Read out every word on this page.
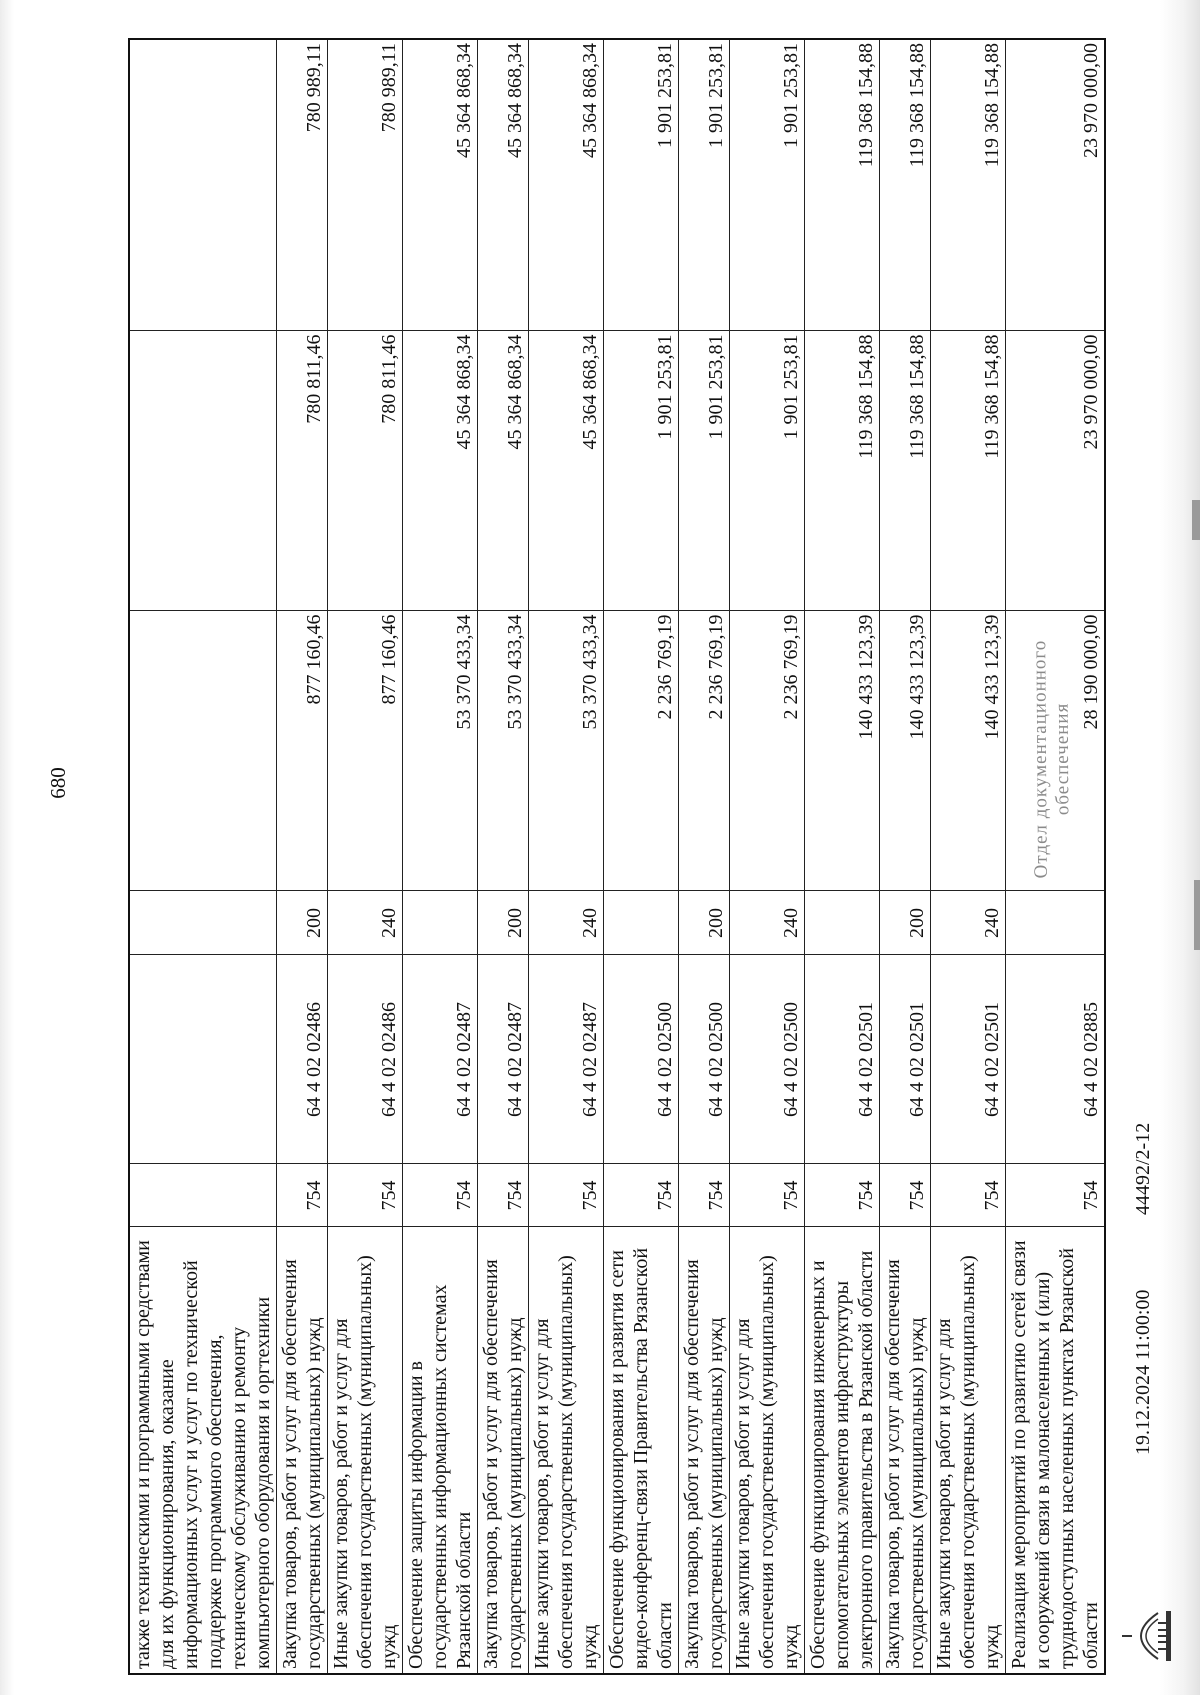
680
также техническими и программными средствами для их функционирования, оказание информационных услуг и услуг по технической поддержке программного обеспечения, техническому обслуживанию и ремонту компьютерного оборудования и оргтехники						
Закупка товаров, работ и услуг для обеспечения государственных (муниципальных) нужд	754	64 4 02 02486	200	877 160,46	780 811,46	780 989,11
Иные закупки товаров, работ и услуг для обеспечения государственных (муниципальных) нужд	754	64 4 02 02486	240	877 160,46	780 811,46	780 989,11
Обеспечение защиты информации в государственных информационных системах Рязанской области	754	64 4 02 02487		53 370 433,34	45 364 868,34	45 364 868,34
Закупка товаров, работ и услуг для обеспечения государственных (муниципальных) нужд	754	64 4 02 02487	200	53 370 433,34	45 364 868,34	45 364 868,34
Иные закупки товаров, работ и услуг для обеспечения государственных (муниципальных) нужд	754	64 4 02 02487	240	53 370 433,34	45 364 868,34	45 364 868,34
Обеспечение функционирования и развития сети видео-конференц-связи Правительства Рязанской области	754	64 4 02 02500		2 236 769,19	1 901 253,81	1 901 253,81
Закупка товаров, работ и услуг для обеспечения государственных (муниципальных) нужд	754	64 4 02 02500	200	2 236 769,19	1 901 253,81	1 901 253,81
Иные закупки товаров, работ и услуг для обеспечения государственных (муниципальных) нужд	754	64 4 02 02500	240	2 236 769,19	1 901 253,81	1 901 253,81
Обеспечение функционирования инженерных и вспомогательных элементов инфраструктуры электронного правительства в Рязанской области	754	64 4 02 02501		140 433 123,39	119 368 154,88	119 368 154,88
Закупка товаров, работ и услуг для обеспечения государственных (муниципальных) нужд	754	64 4 02 02501	200	140 433 123,39	119 368 154,88	119 368 154,88
Иные закупки товаров, работ и услуг для обеспечения государственных (муниципальных) нужд	754	64 4 02 02501	240	140 433 123,39	119 368 154,88	119 368 154,88
Реализация мероприятий по развитию сетей связи и сооружений связи в малонаселенных и (или) труднодоступных населенных пунктах Рязанской области	754	64 4 02 02885		28 190 000,00	23 970 000,00	23 970 000,00
Отдел документационного обеспечения
19.12.2024 11:00:00
44492/2-12
